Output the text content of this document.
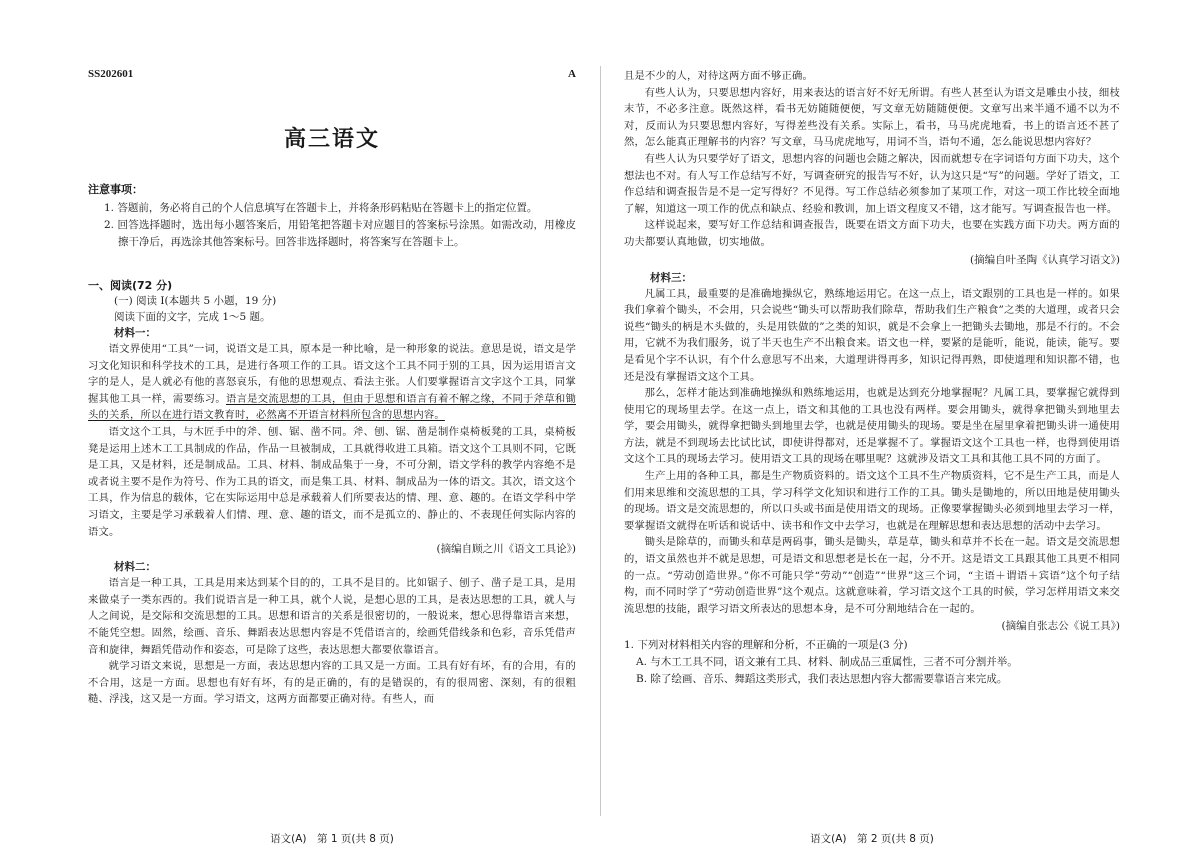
SS202601	A
高三语文
注意事项：

1. 答题前，务必将自己的个人信息填写在答题卡上，并将条形码粘贴在答题卡上的指定位置。

2. 回答选择题时，选出每小题答案后，用铅笔把答题卡对应题目的答案标号涂黑。如需改动，用橡皮擦干净后，再选涂其他答案标号。回答非选择题时，将答案写在答题卡上。

一、阅读(72 分)
(一) 阅读 Ⅰ(本题共 5 小题，19 分)
阅读下面的文字，完成 1～5 题。
材料一：

语文界使用“工具”一词，说语文是工具，原本是一种比喻，是一种形象的说法。意思是说，语文是学习文化知识和科学技术的工具，是进行各项工作的工具。语文这个工具不同于别的工具，因为运用语言文字的是人，是人就必有他的喜怒哀乐，有他的思想观点、看法主张。人们要掌握语言文字这个工具，同掌握其他工具一样，需要练习。语言是交流思想的工具，但由于思想和语言有着不解之缘，不同于斧草和锄头的关系，所以在进行语文教育时，必然离不开语言材料所包含的思想内容。

语文这个工具，与木匠手中的斧、刨、锯、凿不同。斧、刨、锯、凿是制作桌椅板凳的工具，桌椅板凳是运用上述木工工具制成的作品，作品一旦被制成，工具就得收进工具箱。语文这个工具则不同，它既是工具，又是材料，还是制成品。工具、材料、制成品集于一身，不可分割，语文学科的教学内容绝不是或者说主要不是作为符号、作为工具的语文，而是集工具、材料、制成品为一体的语文。其次，语文这个工具，作为信息的载体，它在实际运用中总是承载着人们所要表达的情、理、意、趣的。在语文学科中学习语文，主要是学习承载着人们情、理、意、趣的语文，而不是孤立的、静止的、不表现任何实际内容的语文。

(摘编自顾之川《语文工具论》)
材料二：

语言是一种工具，工具是用来达到某个目的的，工具不是目的。比如锯子、刨子、凿子是工具，是用来做桌子一类东西的。我们说语言是一种工具，就个人说，是想心思的工具，是表达思想的工具，就人与人之间说，是交际和交流思想的工具。思想和语言的关系是很密切的，一般说来，想心思得靠语言来想，不能凭空想。固然，绘画、音乐、舞蹈表达思想内容是不凭借语言的，绘画凭借线条和色彩，音乐凭借声音和旋律，舞蹈凭借动作和姿态，可是除了这些，表达思想大都要依靠语言。

就学习语文来说，思想是一方面，表达思想内容的工具又是一方面。工具有好有坏，有的合用，有的不合用，这是一方面。思想也有好有坏，有的是正确的，有的是错误的，有的很周密、深刻，有的很粗糙、浮浅，这又是一方面。学习语文，这两方面都要正确对待。有些人，而

语文(A)　第 1 页(共 8 页)

且是不少的人，对待这两方面不够正确。

有些人认为，只要思想内容好，用来表达的语言好不好无所谓。有些人甚至认为语文是雕虫小技，细枝末节，不必多注意。既然这样，看书无妨随随便便，写文章无妨随随便便。文章写出来半通不通不以为不对，反而认为只要思想内容好，写得差些没有关系。实际上，看书，马马虎虎地看，书上的语言还不甚了然，怎么能真正理解书的内容？写文章，马马虎虎地写，用词不当，语句不通，怎么能说思想内容好？

有些人认为只要学好了语文，思想内容的问题也会随之解决，因而就想专在字词语句方面下功夫，这个想法也不对。有人写工作总结写不好，写调查研究的报告写不好，认为这只是“写”的问题。学好了语文，工作总结和调查报告是不是一定写得好？不见得。写工作总结必须参加了某项工作，对这一项工作比较全面地了解，知道这一项工作的优点和缺点、经验和教训，加上语文程度又不错，这才能写。写调查报告也一样。

这样说起来，要写好工作总结和调查报告，既要在语文方面下功夫，也要在实践方面下功夫。两方面的功夫都要认真地做，切实地做。

(摘编自叶圣陶《认真学习语文》)
材料三：

凡属工具，最重要的是准确地操纵它，熟练地运用它。在这一点上，语文跟别的工具也是一样的。如果我们拿着个锄头，不会用，只会说些“锄头可以帮助我们除草，帮助我们生产粮食”之类的大道理，或者只会说些“锄头的柄是木头做的，头是用铁做的”之类的知识，就是不会拿上一把锄头去锄地，那是不行的。不会用，它就不为我们服务，说了半天也生产不出粮食来。语文也一样，要紧的是能听，能说，能读，能写。要是看见个字不认识，有个什么意思写不出来，大道理讲得再多，知识记得再熟，即使道理和知识都不错，也还是没有掌握语文这个工具。

那么，怎样才能达到准确地操纵和熟练地运用，也就是达到充分地掌握呢？凡属工具，要掌握它就得到使用它的现场里去学。在这一点上，语文和其他的工具也没有两样。要会用锄头，就得拿把锄头到地里去学，要会用锄头，就得拿把锄头到地里去学，也就是使用锄头的现场。要是坐在屋里拿着把锄头讲一通使用方法，就是不到现场去比试比试，即使讲得都对，还是掌握不了。掌握语文这个工具也一样，也得到使用语文这个工具的现场去学习。使用语文工具的现场在哪里呢？这就涉及语文工具和其他工具不同的方面了。

生产上用的各种工具，都是生产物质资料的。语文这个工具不生产物质资料，它不是生产工具，而是人们用来思维和交流思想的工具，学习科学文化知识和进行工作的工具。锄头是锄地的，所以田地是使用锄头的现场。语文是交流思想的，所以口头或书面是使用语文的现场。正像要掌握锄头必须到地里去学习一样，要掌握语文就得在听话和说话中、读书和作文中去学习，也就是在理解思想和表达思想的活动中去学习。

锄头是除草的，而锄头和草是两码事，锄头是锄头，草是草，锄头和草并不长在一起。语文是交流思想的，语文虽然也并不就是思想，可是语文和思想老是长在一起，分不开。这是语文工具跟其他工具更不相同的一点。“劳动创造世界。”你不可能只学“劳动”“创造”“世界”这三个词，“主语＋谓语＋宾语”这个句子结构，而不同时学了“劳动创造世界”这个观点。这就意味着，学习语文这个工具的时候，学习怎样用语文来交流思想的技能，跟学习语文所表达的思想本身，是不可分割地结合在一起的。

(摘编自张志公《说工具》)
1. 下列对材料相关内容的理解和分析，不正确的一项是(3 分)
A. 与木工工具不同，语文兼有工具、材料、制成品三重属性，三者不可分割并举。
B. 除了绘画、音乐、舞蹈这类形式，我们表达思想内容大都需要靠语言来完成。
语文(A)　第 2 页(共 8 页)
